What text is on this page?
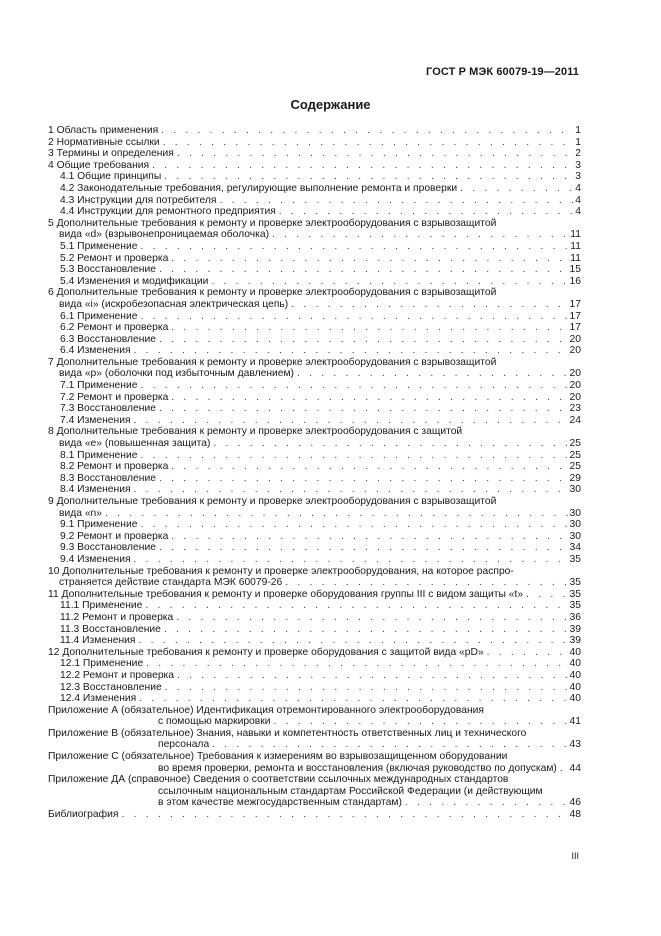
ГОСТ Р МЭК 60079-19—2011
Содержание
1 Область применения . . .	1
2 Нормативные ссылки . . .	1
3 Термины и определения . . .	2
4 Общие требования . . .	3
4.1 Общие принципы . . .	3
4.2 Законодательные требования, регулирующие выполнение ремонта и проверки . . .	4
4.3 Инструкции для потребителя . . .	4
4.4 Инструкции для ремонтного предприятия . . .	4
5 Дополнительные требования к ремонту и проверке электрооборудования с взрывозащитой
вида «d» (взрывонепроницаемая оболочка) . . .	11
5.1 Применение . . .	11
5.2 Ремонт и проверка . . .	11
5.3 Восстановление . . .	15
5.4 Изменения и модификации . . .	16
6 Дополнительные требования к ремонту и проверке электрооборудования с взрывозащитой
вида «i» (искробезопасная электрическая цепь) . . .	17
6.1 Применение . . .	17
6.2 Ремонт и проверка . . .	17
6.3 Восстановление . . .	20
6.4 Изменения . . .	20
7 Дополнительные требования к ремонту и проверке электрооборудования с взрывозащитой
вида «р» (оболочки под избыточным давлением) . . .	20
7.1 Применение . . .	20
7.2 Ремонт и проверка . . .	20
7.3 Восстановление . . .	23
7.4 Изменения . . .	24
8 Дополнительные требования к ремонту и проверке электрооборудования с защитой
вида «е» (повышенная защита) . . .	25
8.1 Применение . . .	25
8.2 Ремонт и проверка . . .	25
8.3 Восстановление . . .	29
8.4 Изменения . . .	30
9 Дополнительные требования к ремонту и проверке электрооборудования с взрывозащитой
вида «n» . . .	30
9.1 Применение . . .	30
9.2 Ремонт и проверка . . .	30
9.3 Восстановление . . .	34
9.4 Изменения . . .	35
10 Дополнительные требования к ремонту и проверке электрооборудования, на которое распро-
страняется действие стандарта МЭК 60079-26 . . .	35
11 Дополнительные требования к ремонту и проверке оборудования группы III с видом защиты «t» . . .	35
11.1 Применение . . .	35
11.2 Ремонт и проверка . . .	36
11.3 Восстановление . . .	39
11.4 Изменения . . .	39
12 Дополнительные требования к ремонту и проверке оборудования с защитой вида «pD» . . .	40
12.1 Применение . . .	40
12.2 Ремонт и проверка . . .	40
12.3 Восстановление . . .	40
12.4 Изменения . . .	40
Приложение А (обязательное) Идентификация отремонтированного электрооборудования
с помощью маркировки . . .	41
Приложение В (обязательное) Знания, навыки и компетентность ответственных лиц и технического
персонала . . .	43
Приложение С (обязательное) Требования к измерениям во взрывозащищенном оборудовании
во время проверки, ремонта и восстановления (включая руководство по допускам) . . . 44
Приложение ДА (справочное) Сведения о соответствии ссылочных международных стандартов
ссылочным национальным стандартам Российской Федерации (и действующим
в этом качестве межгосударственным стандартам) . . .	46
Библиография . . .	48
III
